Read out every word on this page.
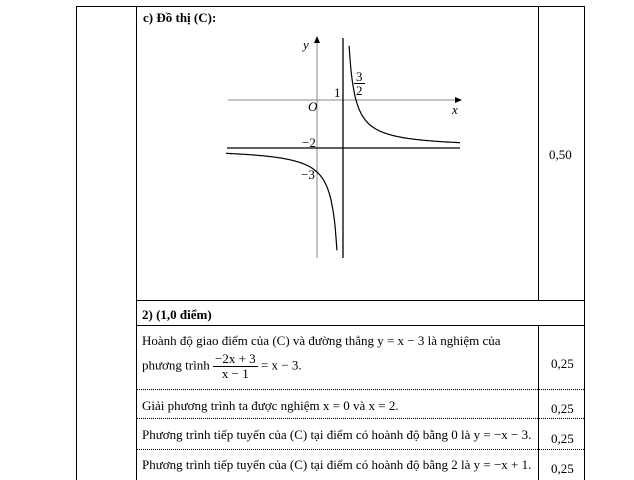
c) Đồ thị (C):
0,50
y
x
O
$1 \frac{3}{2}$
−2
−3
2) (1,0 điểm)
Hoành độ giao điểm của (C) và đường thẳng y = x − 3 là nghiệm của
phương trình $\frac{-2x + 3}{x - 1} = x - 3$.	0,25
Giải phương trình ta được nghiệm x = 0 và x = 2.	0,25
Phương trình tiếp tuyến của (C) tại điểm có hoành độ bằng 0 là y = −x − 3. 0,25
Phương trình tiếp tuyến của (C) tại điểm có hoành độ bằng 2 là y = −x + 1. 0,25
